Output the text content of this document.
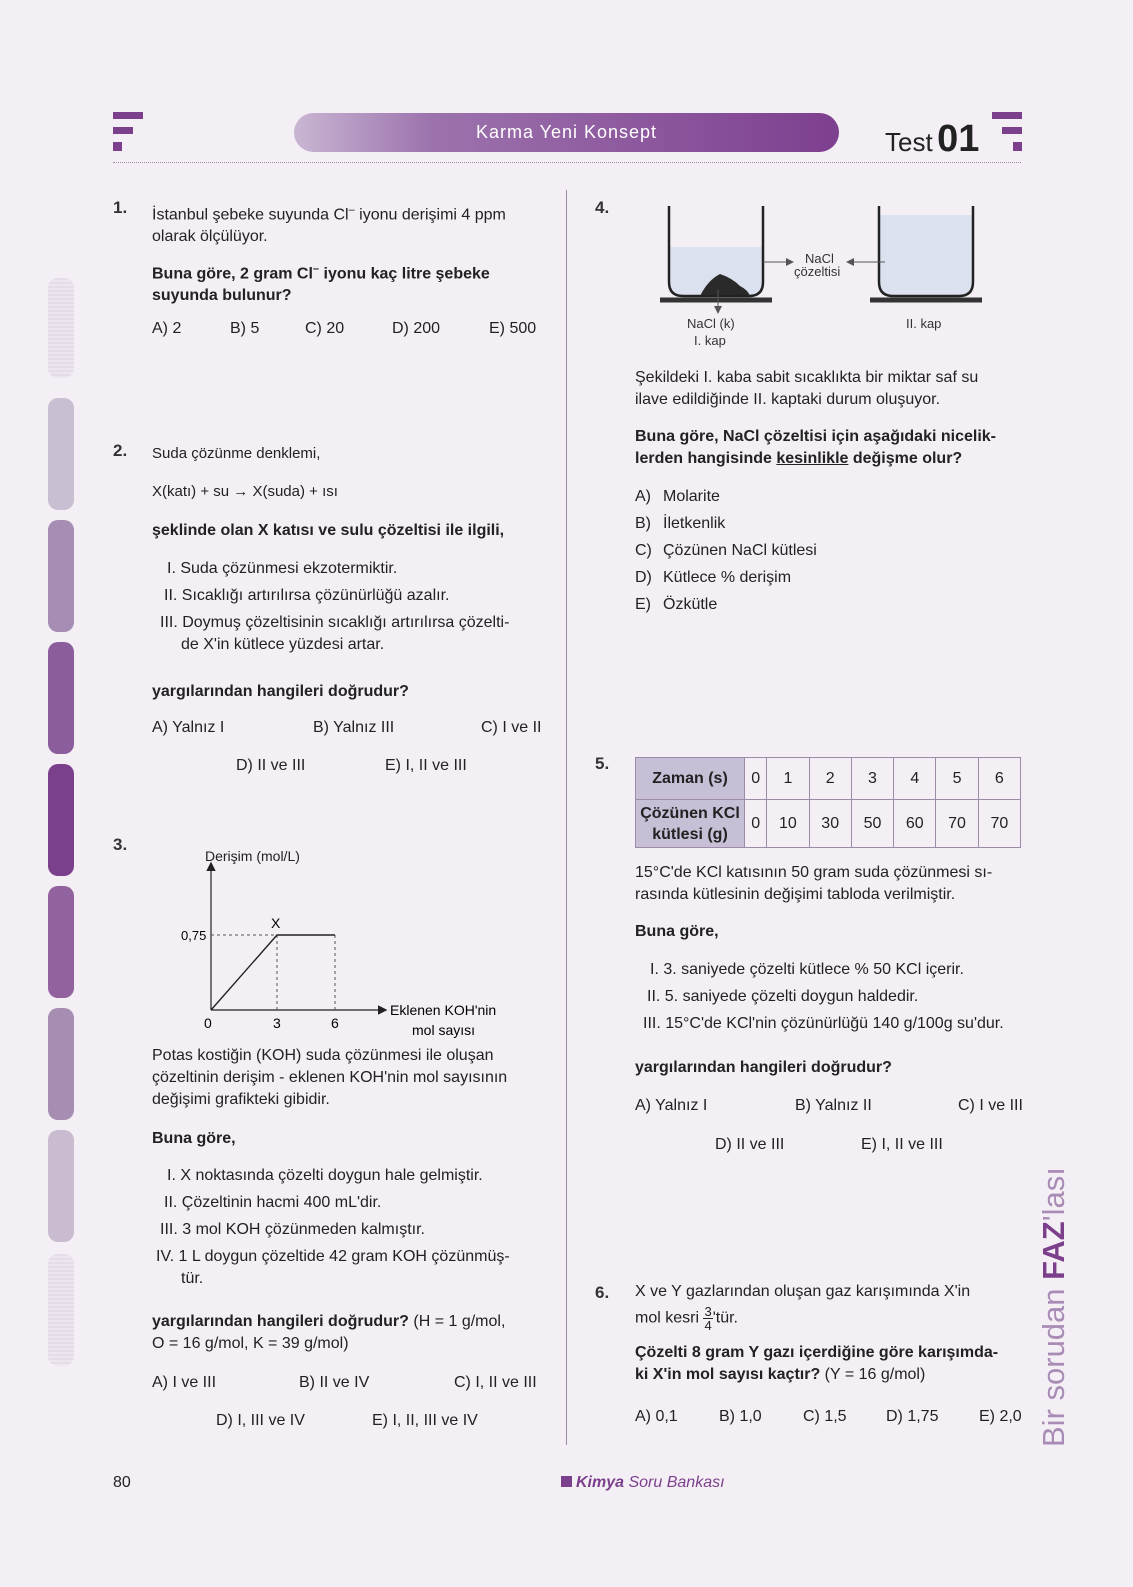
Karma Yeni Konsept	Test 01
1. İstanbul şebeke suyunda Cl– iyonu derişimi 4 ppm
olarak ölçülüyor.
Buna göre, 2 gram Cl– iyonu kaç litre şebeke
suyunda bulunur?
A) 2	B) 5	C) 20	D) 200	E) 500
2. Suda çözünme denklemi,
X(katı) + su → X(suda) + ısı
şeklinde olan X katısı ve sulu çözeltisi ile ilgili,
I. Suda çözünmesi ekzotermiktir.
II. Sıcaklığı artırılırsa çözünürlüğü azalır.
III. Doymuş çözeltisinin sıcaklığı artırılırsa çözelti-
de X'in kütlece yüzdesi artar.
yargılarından hangileri doğrudur?
A) Yalnız I	B) Yalnız III	C) I ve II
D) II ve III	E) I, II ve III
3.
Derişim (mol/L)
0,75
X
0	3	6
Eklenen KOH'nin
mol sayısı
Potas kostiğin (KOH) suda çözünmesi ile oluşan
çözeltinin derişim - eklenen KOH'nin mol sayısının
değişimi grafikteki gibidir.
Buna göre,
I. X noktasında çözelti doygun hale gelmiştir.
II. Çözeltinin hacmi 400 mL'dir.
III. 3 mol KOH çözünmeden kalmıştır.
IV. 1 L doygun çözeltide 42 gram KOH çözünmüş-
tür.
yargılarından hangileri doğrudur? (H = 1 g/mol,
O = 16 g/mol, K = 39 g/mol)
A) I ve III	B) II ve IV	C) I, II ve III
D) I, III ve IV	E) I, II, III ve IV
4.
NaCl
çözeltisi
NaCl (k)
I. kap
II. kap
Şekildeki I. kaba sabit sıcaklıkta bir miktar saf su
ilave edildiğinde II. kaptaki durum oluşuyor.
Buna göre, NaCl çözeltisi için aşağıdaki nicelik-
lerden hangisinde kesinlikle değişme olur?
A) Molarite
B) İletkenlik
C) Çözünen NaCl kütlesi
D) Kütlece % derişim
E) Özkütle
5.
Zaman (s)	0	1	2	3	4	5	6

Çözünen KCl
kütlesi (g)	0	10	30	50	60	70	70
15°C'de KCl katısının 50 gram suda çözünmesi sı-
rasında kütlesinin değişimi tabloda verilmiştir.
Buna göre,
I. 3. saniyede çözelti kütlece % 50 KCl içerir.
II. 5. saniyede çözelti doygun haldedir.
III. 15°C'de KCl'nin çözünürlüğü 140 g/100g su'dur.
yargılarından hangileri doğrudur?
A) Yalnız I	B) Yalnız II	C) I ve III
D) II ve III	E) I, II ve III
6. X ve Y gazlarından oluşan gaz karışımında X'in
mol kesri $\frac{3}{4}$ 'tür.
Çözelti 8 gram Y gazı içerdiğine göre karışımda-
ki X'in mol sayısı kaçtır? (Y = 16 g/mol)
A) 0,1	B) 1,0	C) 1,5 D) 1,75	E) 2,0 Bir sorudan FAZ'lası
80	Kimya Soru Bankası
